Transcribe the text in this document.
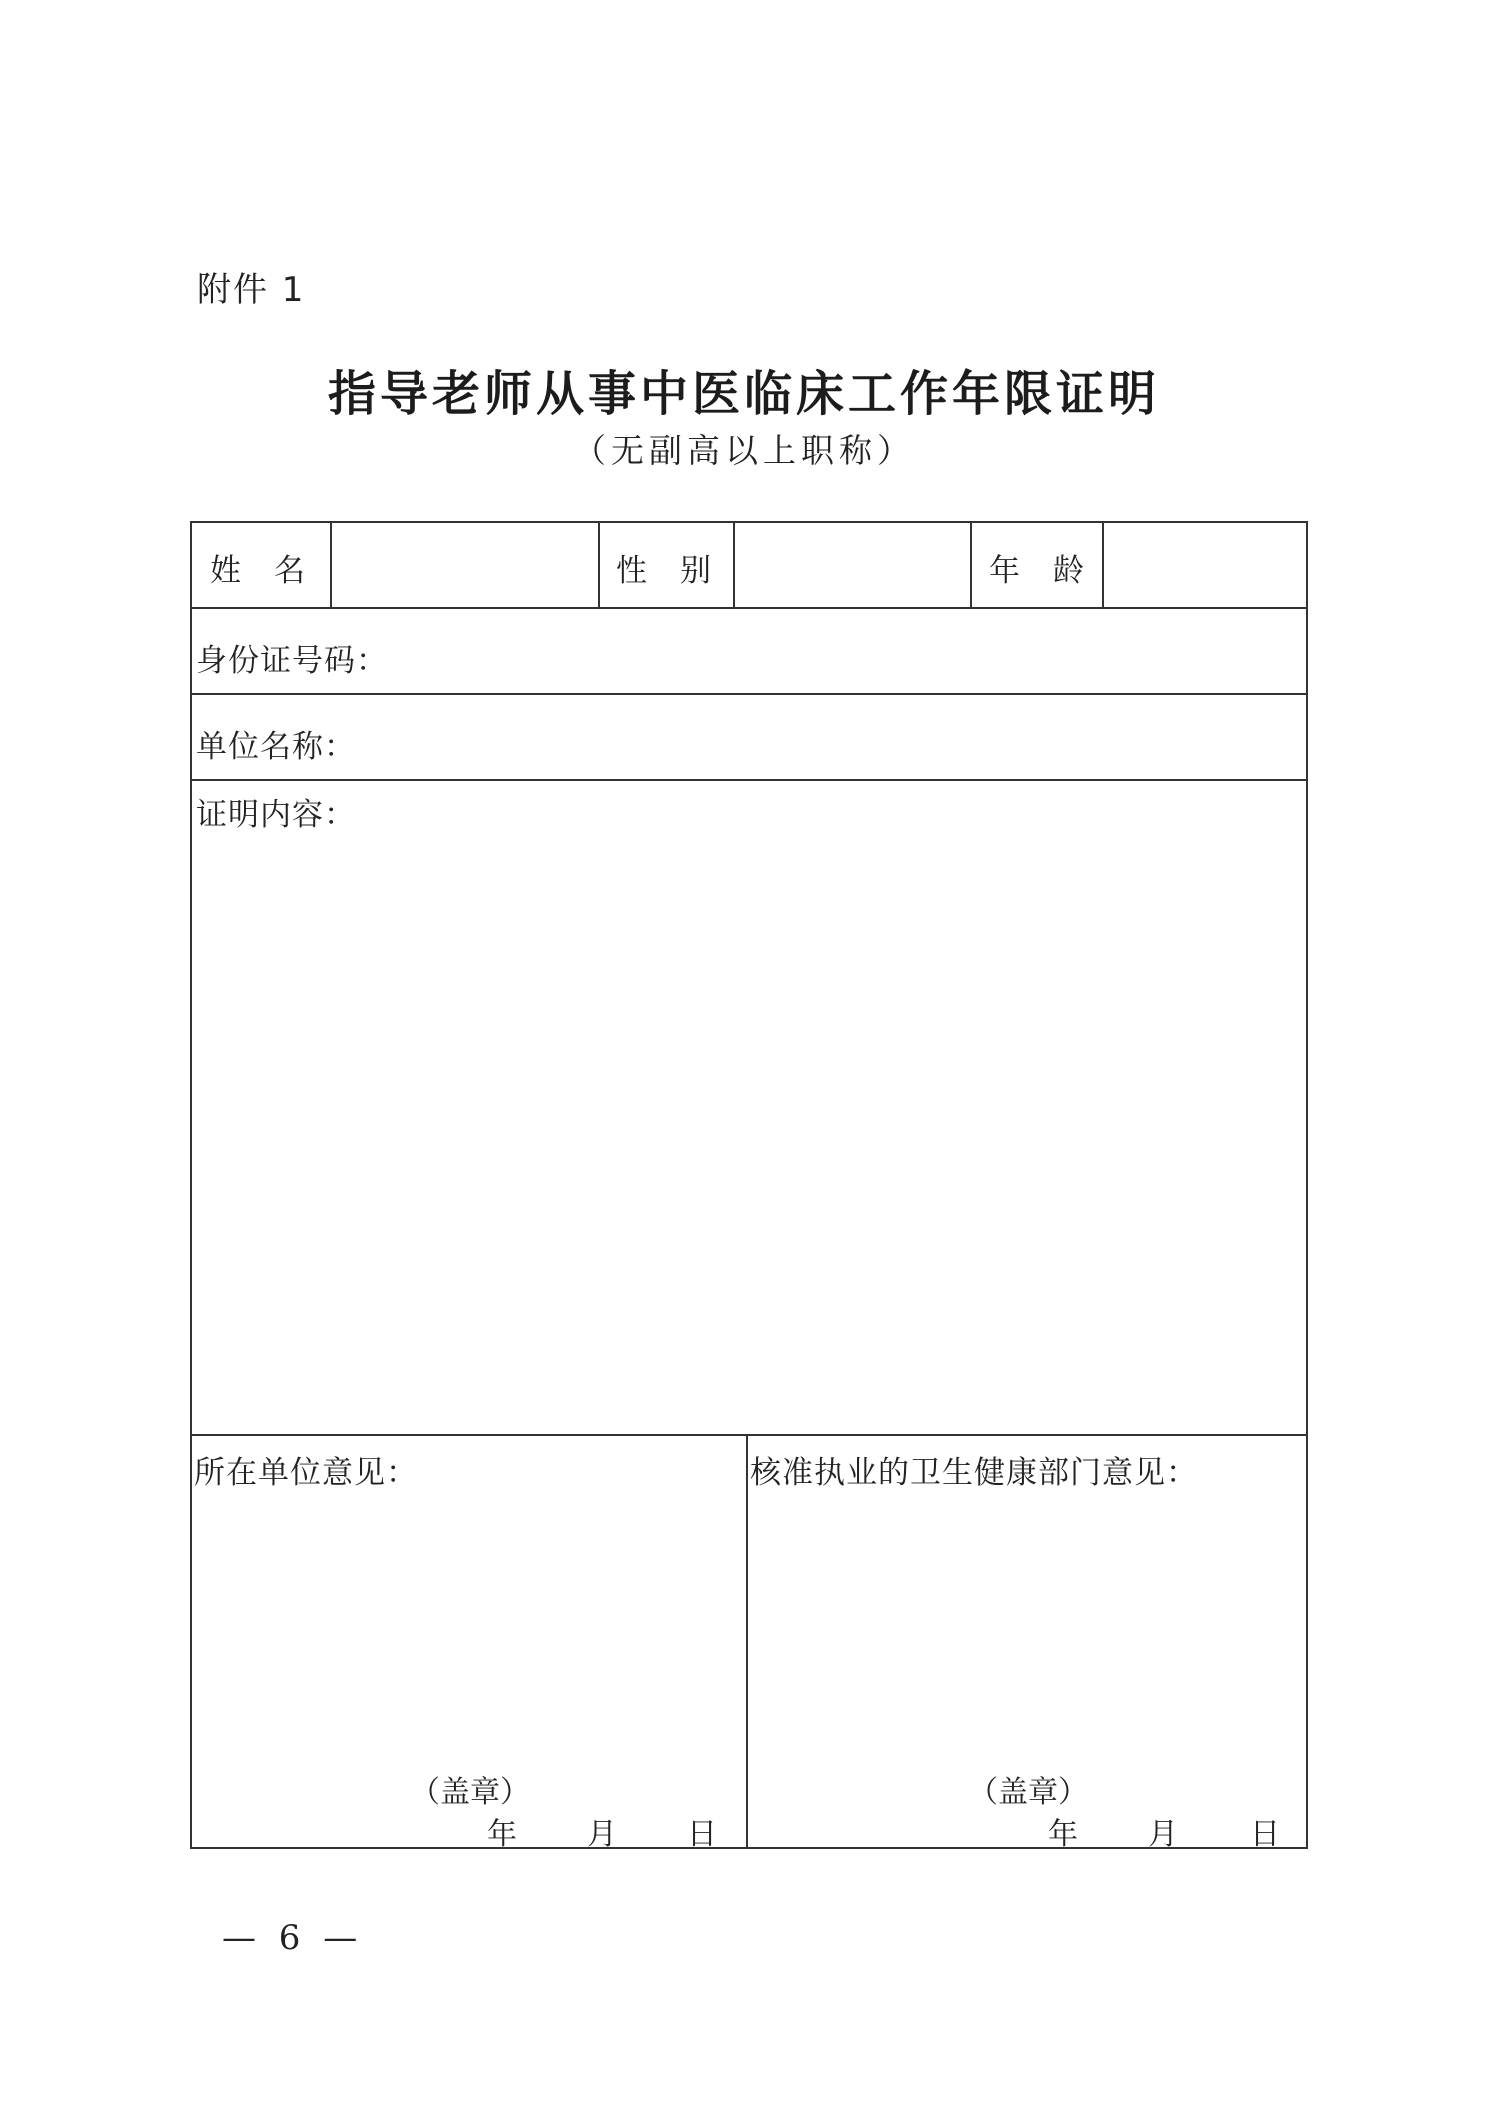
附件 1
指导老师从事中医临床工作年限证明
（无副高以上职称）
姓　名	性　别	年　龄
身份证号码：
单位名称：
证明内容：
所在单位意见：	核准执业的卫生健康部门意见：
（盖章）	（盖章）
年 月 日	年 月 日
— 6 —
